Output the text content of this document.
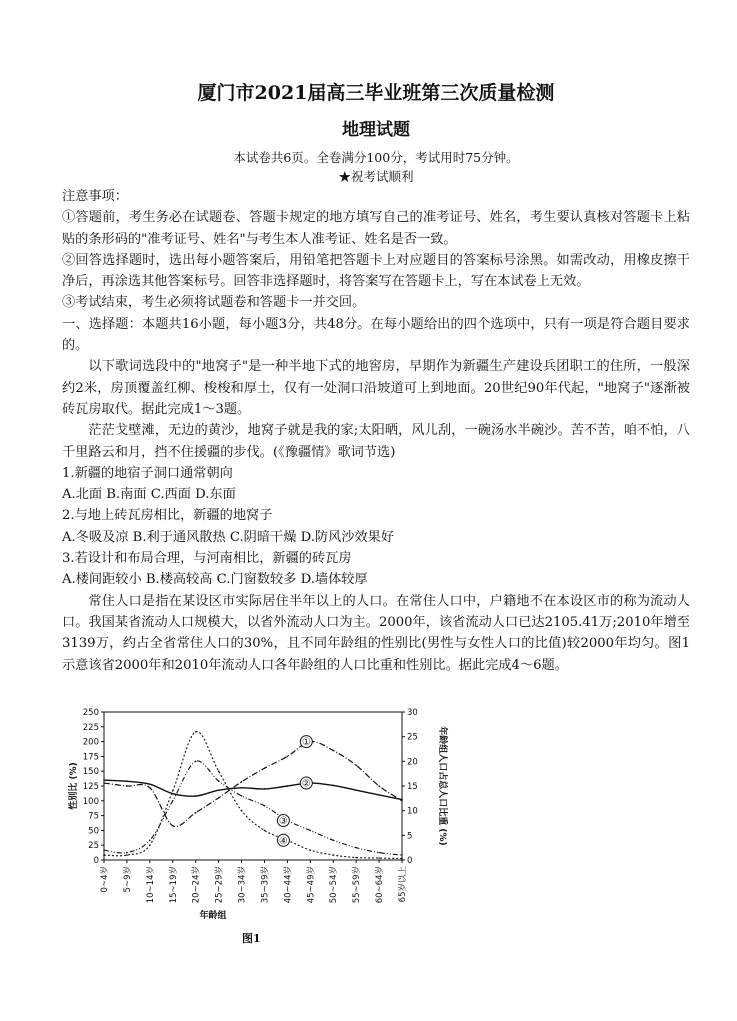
厦门市2021届高三毕业班第三次质量检测
地理试题
本试卷共6页。全卷满分100分，考试用时75分钟。
★祝考试顺利
注意事项：
①答题前，考生务必在试题卷、答题卡规定的地方填写自己的准考证号、姓名，考生要认真核对答题卡上粘贴的条形码的"准考证号、姓名"与考生本人准考证、姓名是否一致。
②回答选择题时，选出每小题答案后，用铅笔把答题卡上对应题目的答案标号涂黑。如需改动，用橡皮擦干净后，再涂选其他答案标号。回答非选择题时，将答案写在答题卡上，写在本试卷上无效。
③考试结束，考生必须将试题卷和答题卡一并交回。
一、选择题：本题共16小题，每小题3分，共48分。在每小题给出的四个选项中，只有一项是符合题目要求的。
以下歌词选段中的"地窝子"是一种半地下式的地窖房，早期作为新疆生产建设兵团职工的住所，一般深约2米，房顶覆盖红柳、梭梭和厚土，仅有一处洞口沿坡道可上到地面。20世纪90年代起，"地窝子"逐渐被砖瓦房取代。据此完成1～3题。
茫茫戈壁滩，无边的黄沙，地窝子就是我的家;太阳晒，风儿刮，一碗汤水半碗沙。苦不苦，咱不怕，八千里路云和月，挡不住援疆的步伐。(《豫疆情》歌词节选)
1.新疆的地宿子洞口通常朝向
A.北面 B.南面 C.西面 D.东面
2.与地上砖瓦房相比，新疆的地窝子
A.冬吸及凉 B.利于通风散热 C.阴暗干燥 D.防风沙效果好
3.若设计和布局合理，与河南相比，新疆的砖瓦房
A.楼间距较小 B.楼高较高 C.门窗数较多 D.墙体较厚
常住人口是指在某设区市实际居住半年以上的人口。在常住人口中，户籍地不在本设区市的称为流动人口。我国某省流动人口规模大，以省外流动人口为主。2000年，该省流动人口已达2105.41万;2010年增至3139万，约占全省常住人口的30%，且不同年龄组的性别比(男性与女性人口的比值)较2000年均匀。图1示意该省2000年和2010年流动人口各年龄组的人口比重和性别比。据此完成4～6题。
0
25
50
75
100
125
150
175
200
225
250
0
5
10
15
20
25
30
0~4岁 5~9岁 10~14岁 15~19岁 20~24岁 25~29岁 30~34岁 35~39岁 40~44岁 45~49岁 50~54岁 55~59岁 60~64岁 65岁以上
性别比 (%)	年龄组人口占总人口比重 (%)
年龄组
①
②
③
④
图1
